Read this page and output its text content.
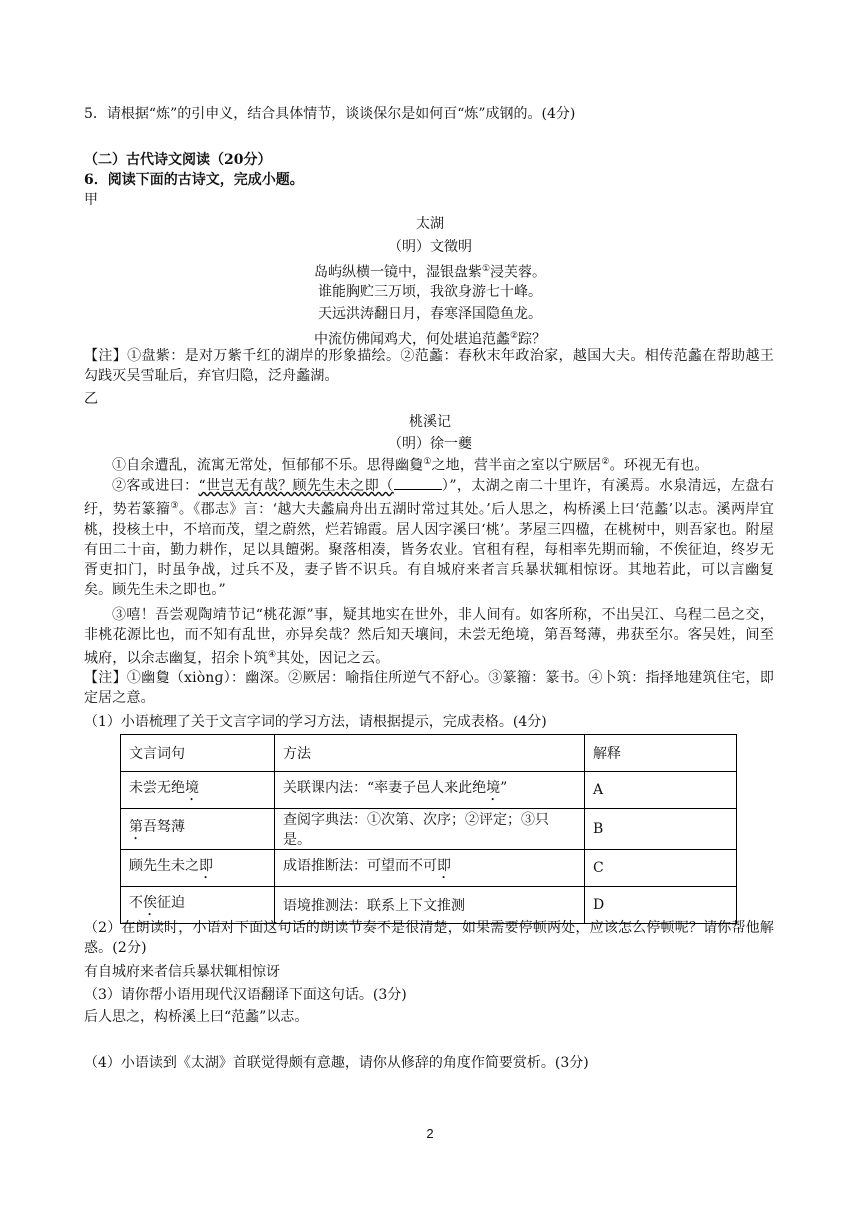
5．请根据“炼”的引申义，结合具体情节，谈谈保尔是如何百“炼”成钢的。(4分)
（二）古代诗文阅读（20分）
6．阅读下面的古诗文，完成小题。
甲
太湖
（明）文徵明
岛屿纵横一镜中，湿银盘紫①浸芙蓉。
谁能胸贮三万顷，我欲身游七十峰。
天远洪涛翻日月，春寒泽国隐鱼龙。
中流仿佛闻鸡犬，何处堪追范蠡②踪？
【注】①盘紫：是对万紫千红的湖岸的形象描绘。②范蠡：春秋末年政治家，越国大夫。相传范蠡在帮助越王勾践灭吴雪耻后，弃官归隐，泛舟蠡湖。
乙
桃溪记
（明）徐一夔
①自余遭乱，流寓无常处，恒郁郁不乐。思得幽敻①之地，营半亩之室以宁厥居②。环视无有也。
②客或进曰：“世岂无有哉？顾先生未之即（	）”，太湖之南二十里许，有溪焉。水泉清远，左盘右纡，势若篆籀③。《郡志》言：‘越大夫蠡扁舟出五湖时常过其处。’后人思之，构桥溪上曰‘范蠡’以志。溪两岸宜桃，投核土中，不培而茂，望之蔚然，烂若锦霞。居人因字溪曰‘桃’。茅屋三四楹，在桃树中，则吾家也。附屋有田二十亩，勤力耕作，足以具饘粥。聚落相凑，皆务农业。官租有程，每相率先期而输，不俟征迫，终岁无胥吏扣门，时虽争战，过兵不及，妻子皆不识兵。有自城府来者言兵暴状辄相惊讶。其地若此，可以言幽复矣。顾先生未之即也。”
③嘻！吾尝观陶靖节记“桃花源”事，疑其地实在世外，非人间有。如客所称，不出吴江、乌程二邑之交，非桃花源比也，而不知有乱世，亦异矣哉？然后知天壤间，未尝无绝境，第吾驽薄，弗获至尔。客吴姓，间至城府，以余志幽复，招余卜筑④其处，因记之云。
【注】①幽敻（xiònɡ）：幽深。②厥居：喻指住所逆气不舒心。③篆籀：篆书。④卜筑：指择地建筑住宅，即定居之意。
（1）小语梳理了关于文言字词的学习方法，请根据提示，完成表格。(4分)
文言词句	方法	解释
未尝无绝境	关联课内法：“率妻子邑人来此绝境”	A
第吾驽薄	查阅字典法：①次第、次序；②评定；③只是。	B
顾先生未之即	成语推断法：可望而不可即	C
不俟征迫	语境推测法：联系上下文推测	D
（2）在朗读时，小语对下面这句话的朗读节奏不是很清楚，如果需要停顿两处，应该怎么停顿呢？请你帮他解惑。(2分)
有自城府来者信兵暴状辄相惊讶
（3）请你帮小语用现代汉语翻译下面这句话。(3分)
后人思之，构桥溪上曰“范蠡”以志。
（4）小语读到《太湖》首联觉得颇有意趣，请你从修辞的角度作简要赏析。(3分)
2
